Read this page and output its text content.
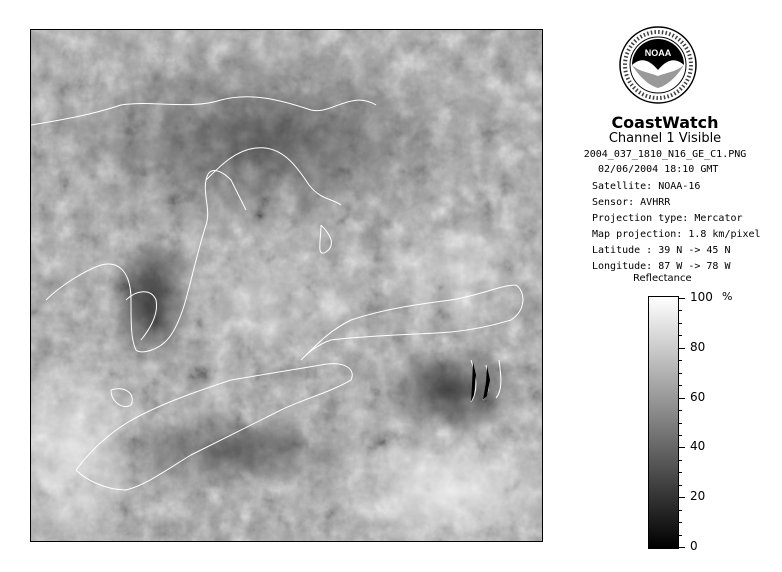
NOAA
CoastWatch
Channel 1 Visible
2004_037_1810_N16_GE_C1.PNG
02/06/2004 18:10 GMT
Satellite: NOAA-16
Sensor: AVHRR
Projection type: Mercator
Map projection: 1.8 km/pixel
Latitude : 39 N -> 45 N
Longitude: 87 W -> 78 W
Reflectance
%
0
20
40
60
80
100
